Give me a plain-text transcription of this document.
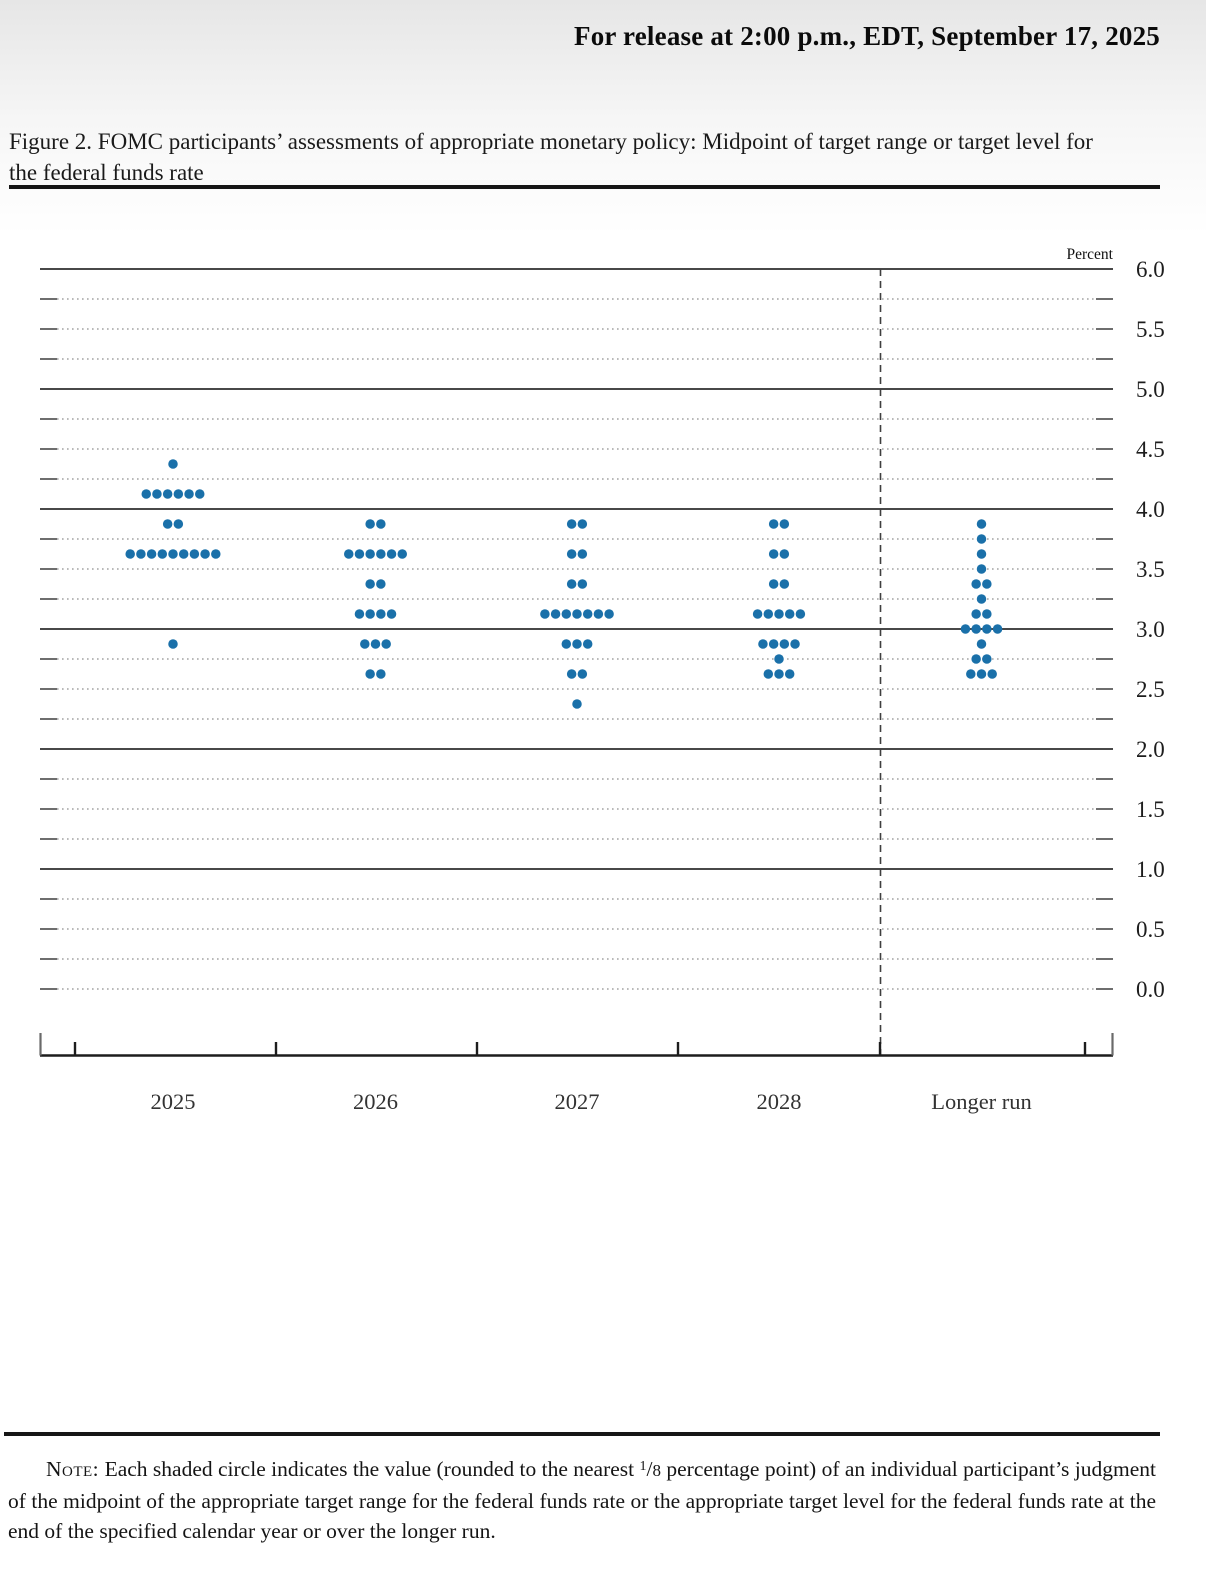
For release at 2:00 p.m., EDT, September 17, 2025
Figure 2. FOMC participants’ assessments of appropriate monetary policy: Midpoint of target range or target level for the federal funds rate
6.0
5.5
5.0
4.5
4.0
3.5
3.0
2.5
2.0
1.5
1.0
0.5
0.0
Percent
2025	2026	2027	2028	Longer run
Note: Each shaded circle indicates the value (rounded to the nearest $^1$/8 percentage point) of an individual participant’s judgment of the midpoint of the appropriate target range for the federal funds rate or the appropriate target level for the federal funds rate at the end of the specified calendar year or over the longer run.
